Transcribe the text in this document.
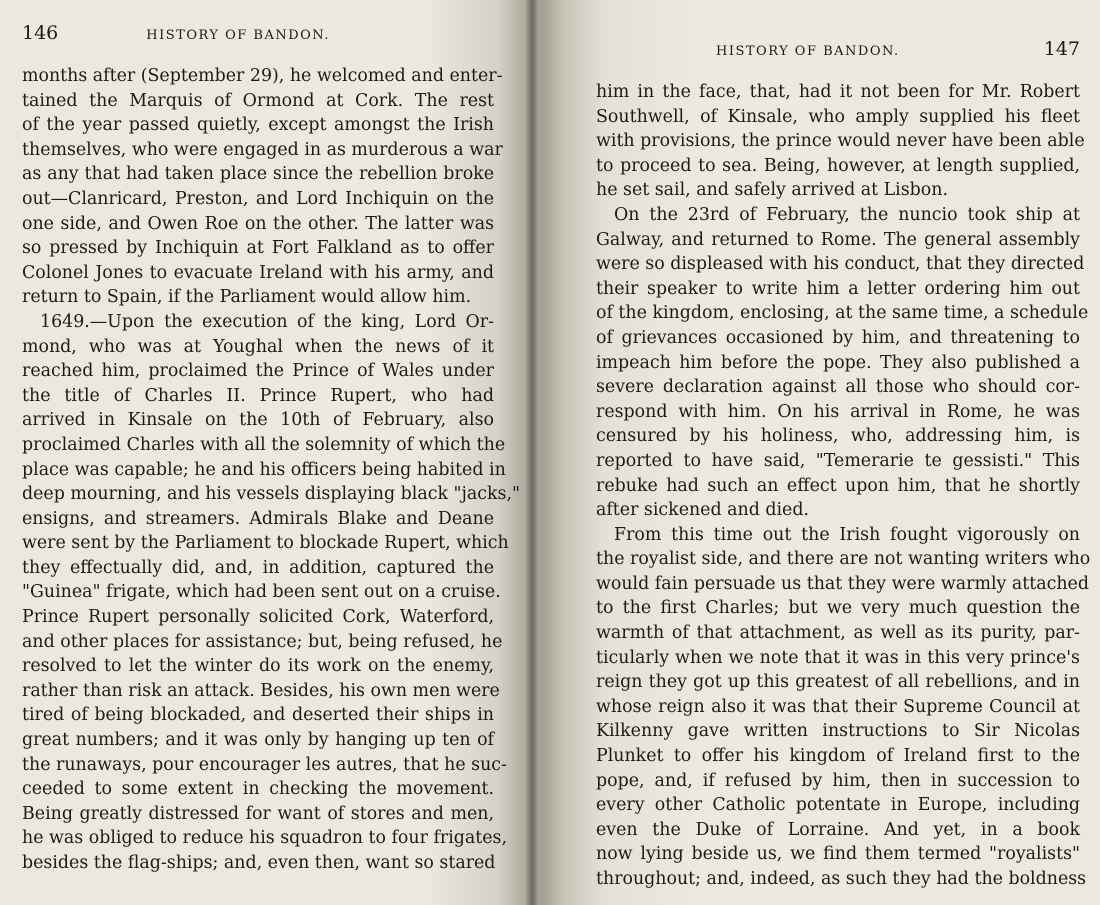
146	HISTORY OF BANDON.
months after (September 29), he welcomed and enter-
tained the Marquis of Ormond at Cork. The rest
of the year passed quietly, except amongst the Irish
themselves, who were engaged in as murderous a war
as any that had taken place since the rebellion broke
out—Clanricard, Preston, and Lord Inchiquin on the
one side, and Owen Roe on the other. The latter was
so pressed by Inchiquin at Fort Falkland as to offer
Colonel Jones to evacuate Ireland with his army, and
return to Spain, if the Parliament would allow him.
1649.—Upon the execution of the king, Lord Or-
mond, who was at Youghal when the news of it
reached him, proclaimed the Prince of Wales under
the title of Charles II. Prince Rupert, who had
arrived in Kinsale on the 10th of February, also
proclaimed Charles with all the solemnity of which the
place was capable; he and his officers being habited in
deep mourning, and his vessels displaying black "jacks,"
ensigns, and streamers. Admirals Blake and Deane
were sent by the Parliament to blockade Rupert, which
they effectually did, and, in addition, captured the
"Guinea" frigate, which had been sent out on a cruise.
Prince Rupert personally solicited Cork, Waterford,
and other places for assistance; but, being refused, he
resolved to let the winter do its work on the enemy,
rather than risk an attack. Besides, his own men were
tired of being blockaded, and deserted their ships in
great numbers; and it was only by hanging up ten of
the runaways, pour encourager les autres, that he suc-
ceeded to some extent in checking the movement.
Being greatly distressed for want of stores and men,
he was obliged to reduce his squadron to four frigates,
besides the flag-ships; and, even then, want so stared
HISTORY OF BANDON.	147
him in the face, that, had it not been for Mr. Robert
Southwell, of Kinsale, who amply supplied his fleet
with provisions, the prince would never have been able
to proceed to sea. Being, however, at length supplied,
he set sail, and safely arrived at Lisbon.
On the 23rd of February, the nuncio took ship at
Galway, and returned to Rome. The general assembly
were so displeased with his conduct, that they directed
their speaker to write him a letter ordering him out
of the kingdom, enclosing, at the same time, a schedule
of grievances occasioned by him, and threatening to
impeach him before the pope. They also published a
severe declaration against all those who should cor-
respond with him. On his arrival in Rome, he was
censured by his holiness, who, addressing him, is
reported to have said, "Temerarie te gessisti." This
rebuke had such an effect upon him, that he shortly
after sickened and died.
From this time out the Irish fought vigorously on
the royalist side, and there are not wanting writers who
would fain persuade us that they were warmly attached
to the first Charles; but we very much question the
warmth of that attachment, as well as its purity, par-
ticularly when we note that it was in this very prince's
reign they got up this greatest of all rebellions, and in
whose reign also it was that their Supreme Council at
Kilkenny gave written instructions to Sir Nicolas
Plunket to offer his kingdom of Ireland first to the
pope, and, if refused by him, then in succession to
every other Catholic potentate in Europe, including
even the Duke of Lorraine. And yet, in a book
now lying beside us, we find them termed "royalists"
throughout; and, indeed, as such they had the boldness
